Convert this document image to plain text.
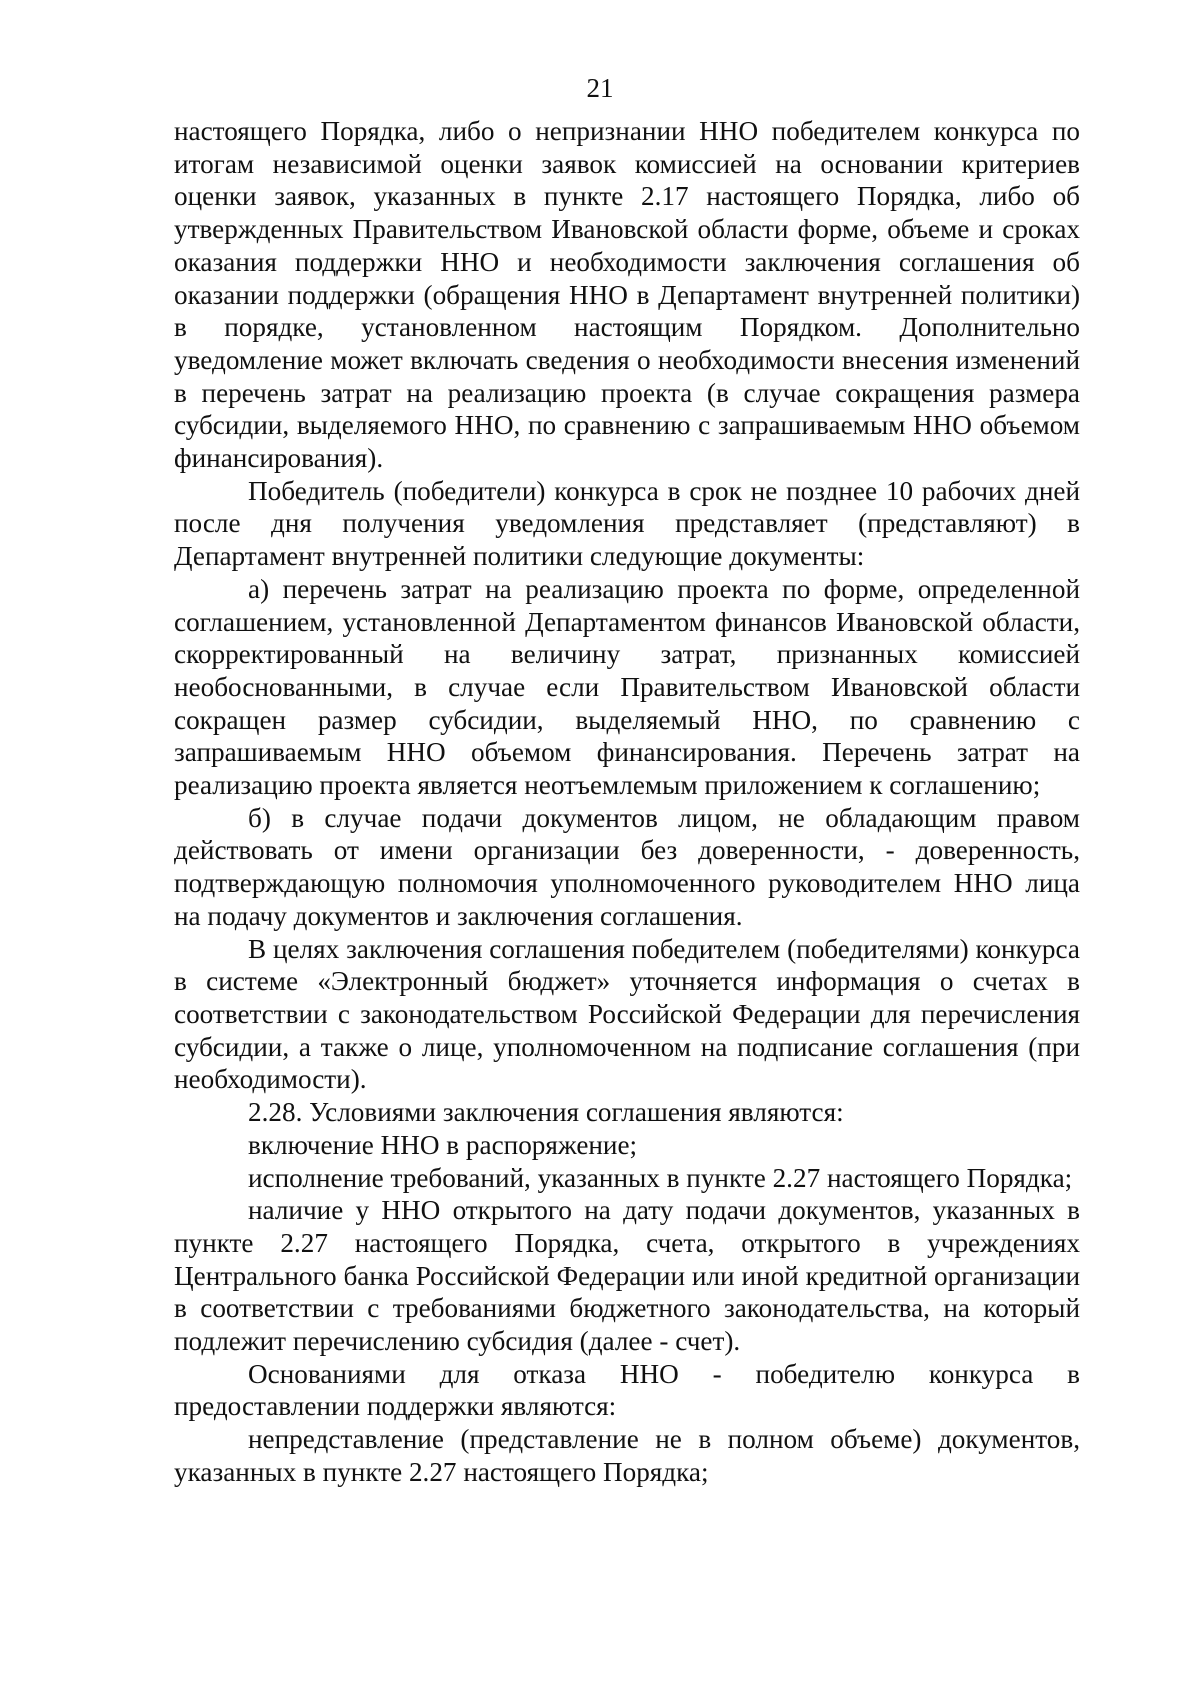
21

настоящего Порядка, либо о непризнании ННО победителем конкурса по итогам независимой оценки заявок комиссией на основании критериев оценки заявок, указанных в пункте 2.17 настоящего Порядка, либо об утвержденных Правительством Ивановской области форме, объеме и сроках оказания поддержки ННО и необходимости заключения соглашения об оказании поддержки (обращения ННО в Департамент внутренней политики) в порядке, установленном настоящим Порядком. Дополнительно уведомление может включать сведения о необходимости внесения изменений в перечень затрат на реализацию проекта (в случае сокращения размера субсидии, выделяемого ННО, по сравнению с запрашиваемым ННО объемом финансирования).

Победитель (победители) конкурса в срок не позднее 10 рабочих дней после дня получения уведомления представляет (представляют) в Департамент внутренней политики следующие документы:

а) перечень затрат на реализацию проекта по форме, определенной соглашением, установленной Департаментом финансов Ивановской области, скорректированный на величину затрат, признанных комиссией необоснованными, в случае если Правительством Ивановской области сокращен размер субсидии, выделяемый ННО, по сравнению с запрашиваемым ННО объемом финансирования. Перечень затрат на реализацию проекта является неотъемлемым приложением к соглашению;

б) в случае подачи документов лицом, не обладающим правом действовать от имени организации без доверенности, - доверенность, подтверждающую полномочия уполномоченного руководителем ННО лица на подачу документов и заключения соглашения.

В целях заключения соглашения победителем (победителями) конкурса в системе «Электронный бюджет» уточняется информация о счетах в соответствии с законодательством Российской Федерации для перечисления субсидии, а также о лице, уполномоченном на подписание соглашения (при необходимости).

2.28. Условиями заключения соглашения являются:

включение ННО в распоряжение;

исполнение требований, указанных в пункте 2.27 настоящего Порядка;

наличие у ННО открытого на дату подачи документов, указанных в пункте 2.27 настоящего Порядка, счета, открытого в учреждениях Центрального банка Российской Федерации или иной кредитной организации в соответствии с требованиями бюджетного законодательства, на который подлежит перечислению субсидия (далее - счет).

Основаниями для отказа ННО - победителю конкурса в предоставлении поддержки являются:

непредставление (представление не в полном объеме) документов, указанных в пункте 2.27 настоящего Порядка;
